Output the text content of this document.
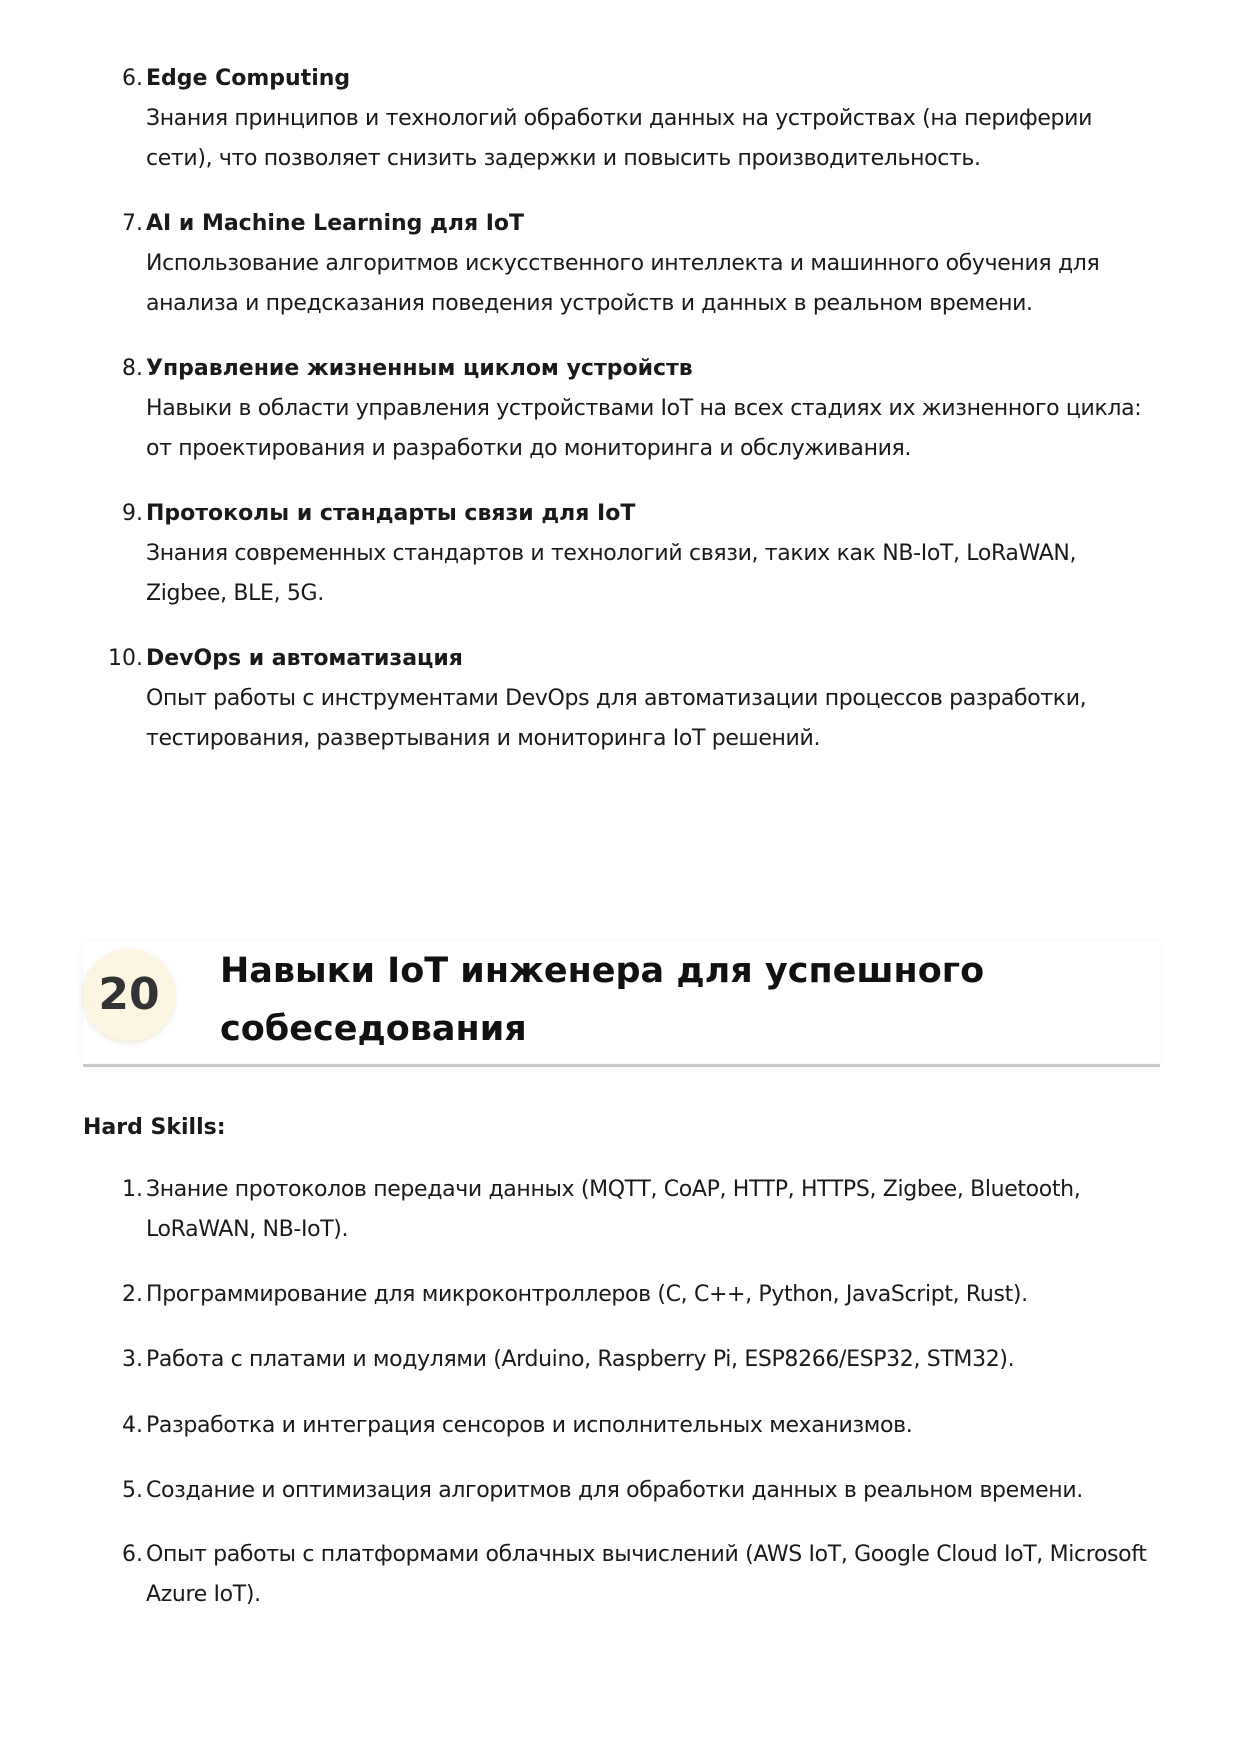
6. Edge Computing
Знания принципов и технологий обработки данных на устройствах (на периферии сети), что позволяет снизить задержки и повысить производительность.
7. AI и Machine Learning для IoT
Использование алгоритмов искусственного интеллекта и машинного обучения для анализа и предсказания поведения устройств и данных в реальном времени.
8. Управление жизненным циклом устройств
Навыки в области управления устройствами IoT на всех стадиях их жизненного цикла: от проектирования и разработки до мониторинга и обслуживания.
9. Протоколы и стандарты связи для IoT
Знания современных стандартов и технологий связи, таких как NB-IoT, LoRaWAN, Zigbee, BLE, 5G.
10. DevOps и автоматизация
Опыт работы с инструментами DevOps для автоматизации процессов разработки, тестирования, развертывания и мониторинга IoT решений.
20 Навыки IoT инженера для успешного собеседования
Hard Skills:
1. Знание протоколов передачи данных (MQTT, CoAP, HTTP, HTTPS, Zigbee, Bluetooth, LoRaWAN, NB-IoT).
2. Программирование для микроконтроллеров (C, C++, Python, JavaScript, Rust).
3. Работа с платами и модулями (Arduino, Raspberry Pi, ESP8266/ESP32, STM32).
4. Разработка и интеграция сенсоров и исполнительных механизмов.
5. Создание и оптимизация алгоритмов для обработки данных в реальном времени.
6. Опыт работы с платформами облачных вычислений (AWS IoT, Google Cloud IoT, Microsoft Azure IoT).
